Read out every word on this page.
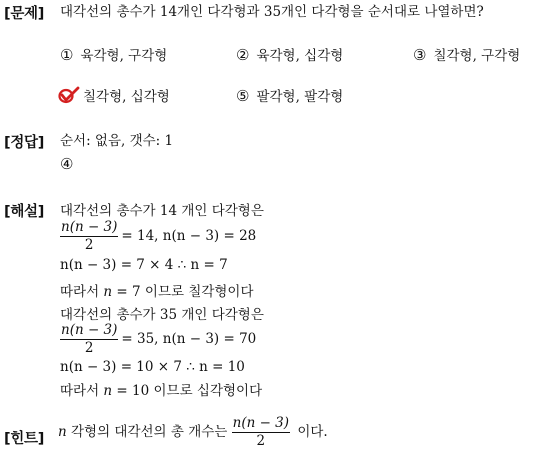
[문제] 대각선의 총수가 14개인 다각형과 35개인 다각형을 순서대로 나열하면?
① 육각형, 구각형	② 육각형, 십각형	③ 칠각형, 구각형
칠각형, 십각형	⑤ 팔각형, 팔각형
[정답] 순서: 없음, 갯수: 1
④
[해설] 대각선의 총수가 14 개인 다각형은
$\frac{n(n - 3)}{2} = 14$, n(n − 3) = 28
n(n − 3) = 7 × 4 ∴ n = 7
따라서 n = 7 이므로 칠각형이다
대각선의 총수가 35 개인 다각형은
$\frac{n(n - 3)}{2} = 35$, n(n − 3) = 70
n(n − 3) = 10 × 7 ∴ n = 10
따라서 n = 10 이므로 십각형이다
[힌트] n 각형의 대각선의 총 개수는 $\frac{n(n - 3)}{2}$ 이다.
